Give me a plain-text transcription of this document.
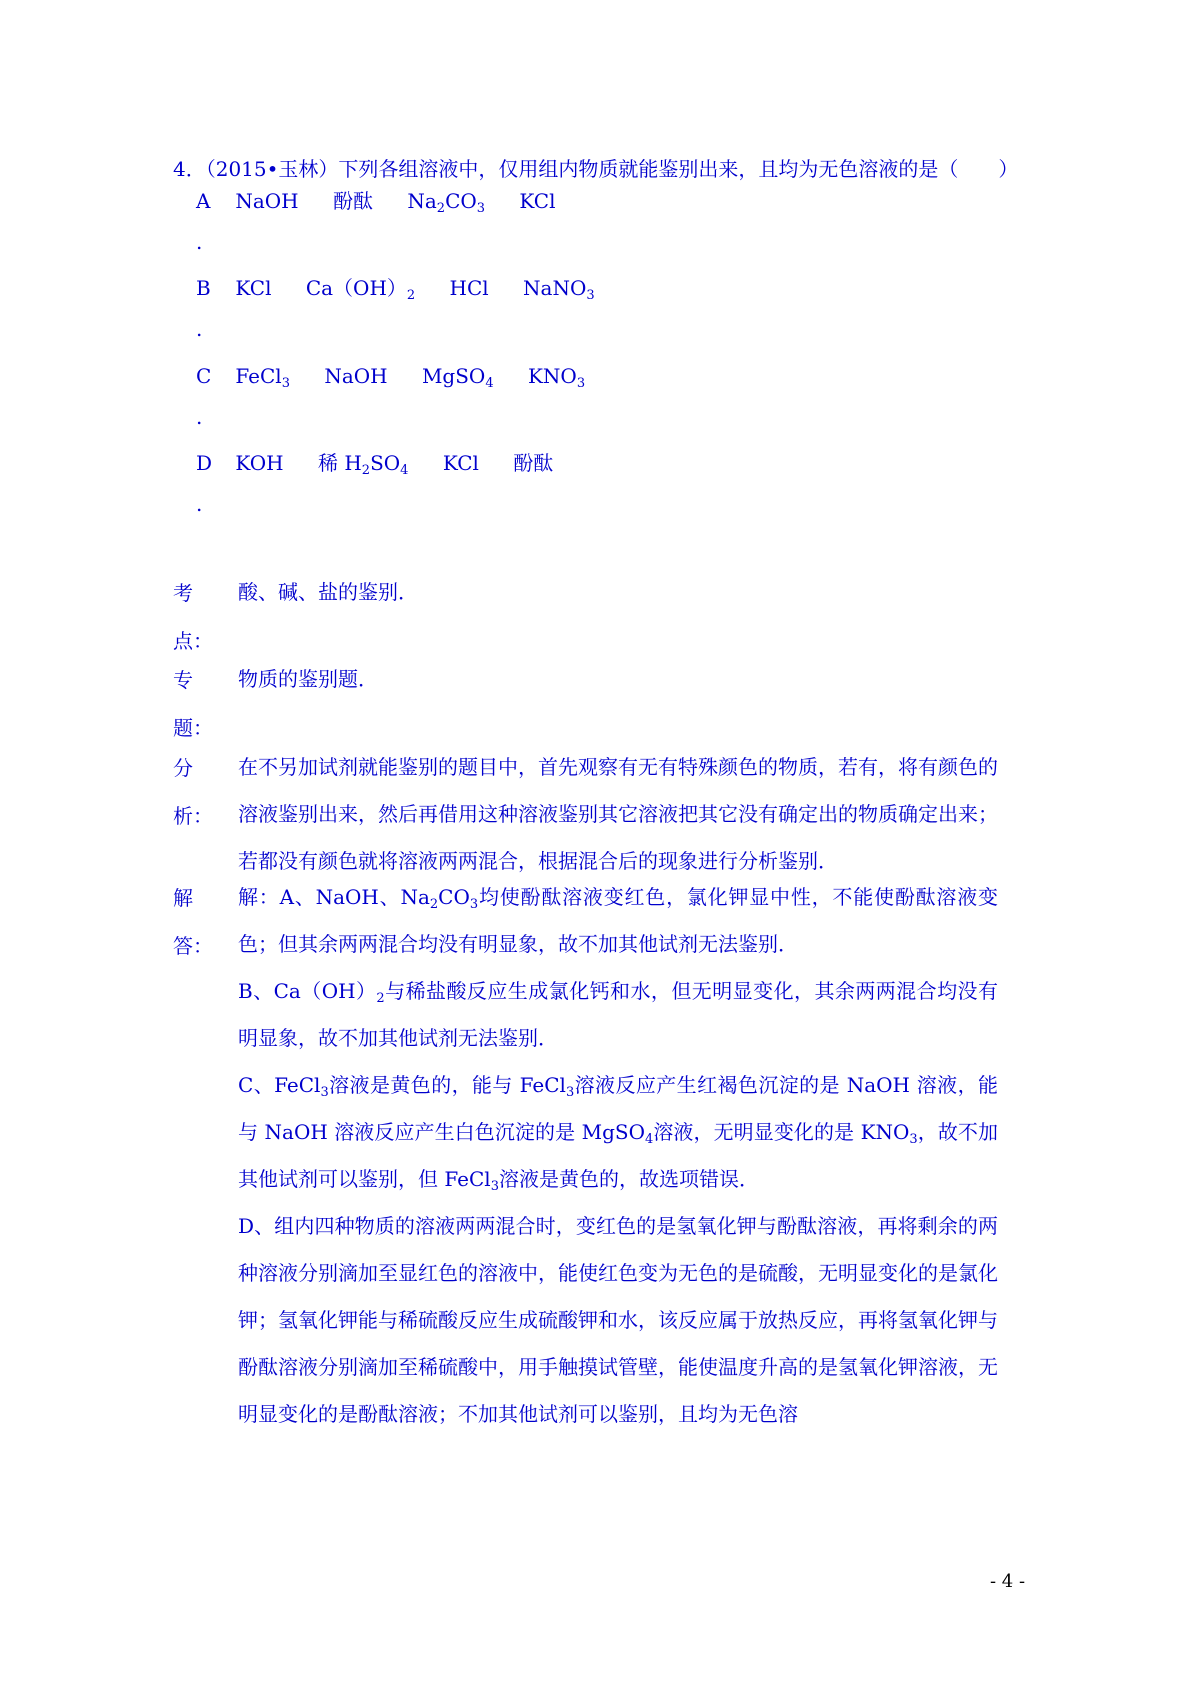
4．（2015•玉林）下列各组溶液中，仅用组内物质就能鉴别出来，且均为无色溶液的是（　　）
A NaOH 酚酞 $Na_2CO_3$ KCl
.
B KCl $Ca(OH)_2$ HCl NaNO$_3$
.
C FeCl$_3$ NaOH MgSO$_4$ $KNO_3$
.
D KOH 稀 $H_2SO_4$ KCl 酚酞
.
考
点：

酸、碱、盐的鉴别．

专
题：

物质的鉴别题．

分
析：

在不另加试剂就能鉴别的题目中，首先观察有无有特殊颜色的物质，若有，将有颜色的溶液鉴别出来，然后再借用这种溶液鉴别其它溶液把其它没有确定出的物质确定出来；若都没有颜色就将溶液两两混合，根据混合后的现象进行分析鉴别．

解
答：

解：A、NaOH、$Na_2CO_3$均使酚酞溶液变红色，氯化钾显中性，不能使酚酞溶液变色；但其余两两混合均没有明显象，故不加其他试剂无法鉴别．

B、$Ca(OH)_2$与稀盐酸反应生成氯化钙和水，但无明显变化，其余两两混合均没有明显象，故不加其他试剂无法鉴别．

C、FeCl$_3$溶液是黄色的，能与 FeCl$_3$溶液反应产生红褐色沉淀的是 NaOH 溶液，能与 NaOH 溶液反应产生白色沉淀的是 MgSO$_4$溶液，无明显变化的是 $KNO_3$，故不加其他试剂可以鉴别，但 FeCl$_3$溶液是黄色的，故选项错误．

D、组内四种物质的溶液两两混合时，变红色的是氢氧化钾与酚酞溶液，再将剩余的两种溶液分别滴加至显红色的溶液中，能使红色变为无色的是硫酸，无明显变化的是氯化钾；氢氧化钾能与稀硫酸反应生成硫酸钾和水，该反应属于放热反应，再将氢氧化钾与酚酞溶液分别滴加至稀硫酸中，用手触摸试管壁，能使温度升高的是氢氧化钾溶液，无明显变化的是酚酞溶液；不加其他试剂可以鉴别，且均为无色溶

- 4 -
